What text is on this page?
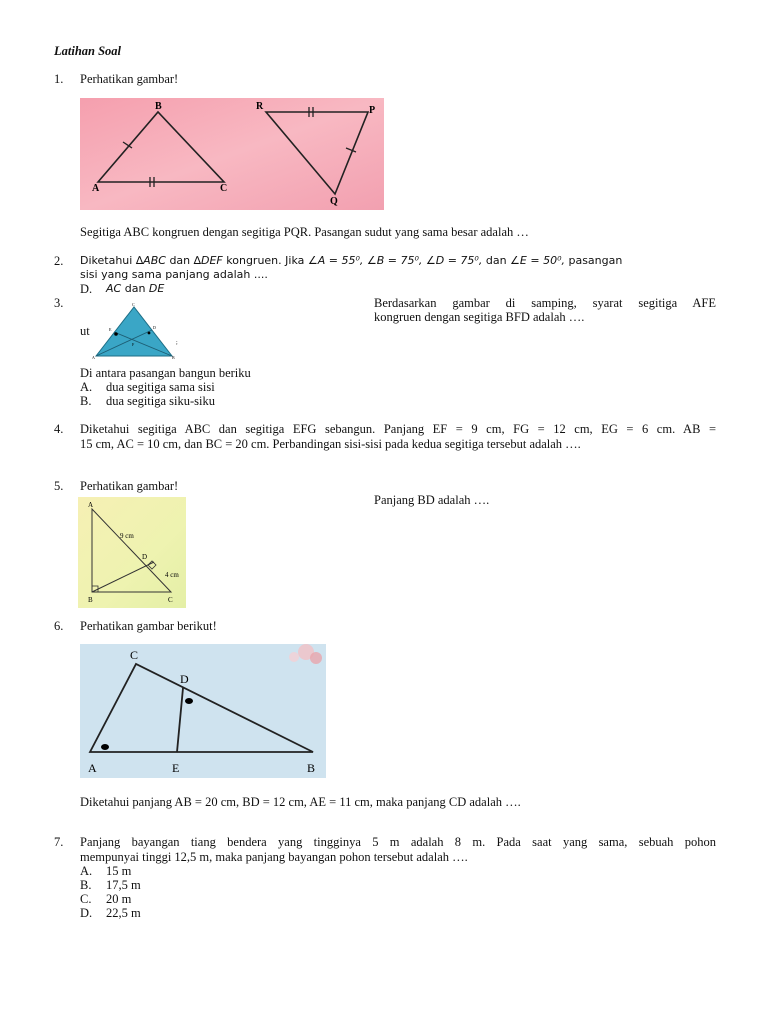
Latihan Soal
1. Perhatikan gambar!
B
A	C
R	P
Q
Segitiga ABC kongruen dengan segitiga PQR. Pasangan sudut yang sama besar adalah …
2. Diketahui ∆ABC dan ∆DEF kongruen. Jika ∠A = 55⁰, ∠B = 75⁰, ∠D = 75⁰, dan ∠E = 50⁰, pasangan
sisi yang sama panjang adalah ....
D. AC dan DE
3.	Berdasarkan gambar di samping, syarat segitiga AFE
kongruen dengan segitiga BFD adalah ….
ut
C
E	D
F
A	B
;
Di antara pasangan bangun beriku
A. dua segitiga sama sisi
B. dua segitiga siku-siku
4. Diketahui segitiga ABC dan segitiga EFG sebangun. Panjang EF = 9 cm, FG = 12 cm, EG = 6 cm. AB =
15 cm, AC = 10 cm, dan BC = 20 cm. Perbandingan sisi-sisi pada kedua segitiga tersebut adalah ….
5. Perhatikan gambar!
Panjang BD adalah ….
A
B	C
D
9 cm
4 cm
6. Perhatikan gambar berikut!
C
D
A	E	B
Diketahui panjang AB = 20 cm, BD = 12 cm, AE = 11 cm, maka panjang CD adalah ….
7. Panjang bayangan tiang bendera yang tingginya 5 m adalah 8 m. Pada saat yang sama, sebuah pohon
mempunyai tinggi 12,5 m, maka panjang bayangan pohon tersebut adalah ….
A. 15 m
B. 17,5 m
C. 20 m
D. 22,5 m
